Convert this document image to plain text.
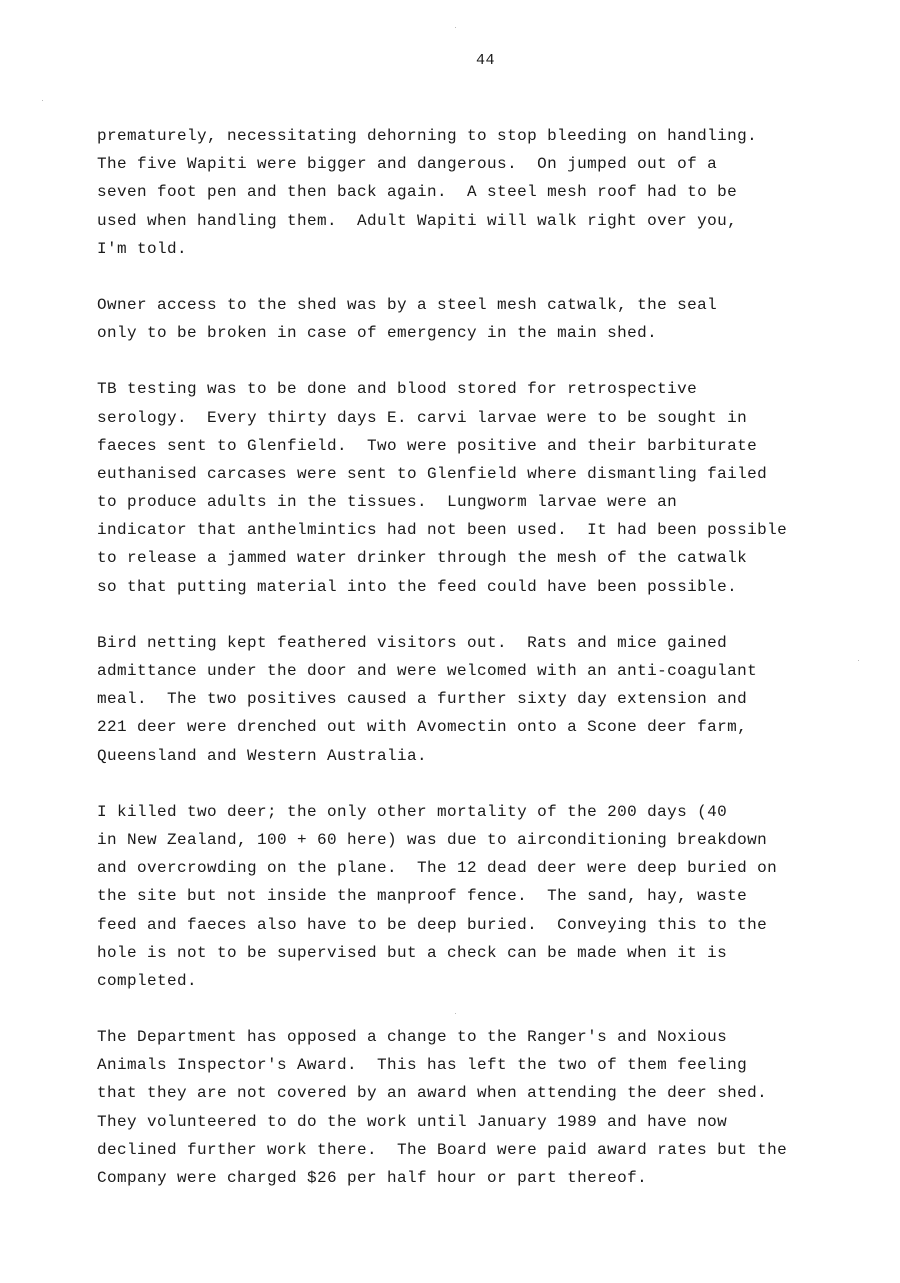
44
prematurely, necessitating dehorning to stop bleeding on handling.
The five Wapiti were bigger and dangerous.  On jumped out of a
seven foot pen and then back again.  A steel mesh roof had to be
used when handling them.  Adult Wapiti will walk right over you,
I'm told.
Owner access to the shed was by a steel mesh catwalk, the seal
only to be broken in case of emergency in the main shed.
TB testing was to be done and blood stored for retrospective
serology.  Every thirty days E. carvi larvae were to be sought in
faeces sent to Glenfield.  Two were positive and their barbiturate
euthanised carcases were sent to Glenfield where dismantling failed
to produce adults in the tissues.  Lungworm larvae were an
indicator that anthelmintics had not been used.  It had been possible
to release a jammed water drinker through the mesh of the catwalk
so that putting material into the feed could have been possible.
Bird netting kept feathered visitors out.  Rats and mice gained
admittance under the door and were welcomed with an anti-coagulant
meal.  The two positives caused a further sixty day extension and
221 deer were drenched out with Avomectin onto a Scone deer farm,
Queensland and Western Australia.
I killed two deer; the only other mortality of the 200 days (40
in New Zealand, 100 + 60 here) was due to airconditioning breakdown
and overcrowding on the plane.  The 12 dead deer were deep buried on
the site but not inside the manproof fence.  The sand, hay, waste
feed and faeces also have to be deep buried.  Conveying this to the
hole is not to be supervised but a check can be made when it is
completed.
The Department has opposed a change to the Ranger's and Noxious
Animals Inspector's Award.  This has left the two of them feeling
that they are not covered by an award when attending the deer shed.
They volunteered to do the work until January 1989 and have now
declined further work there.  The Board were paid award rates but the
Company were charged $26 per half hour or part thereof.
